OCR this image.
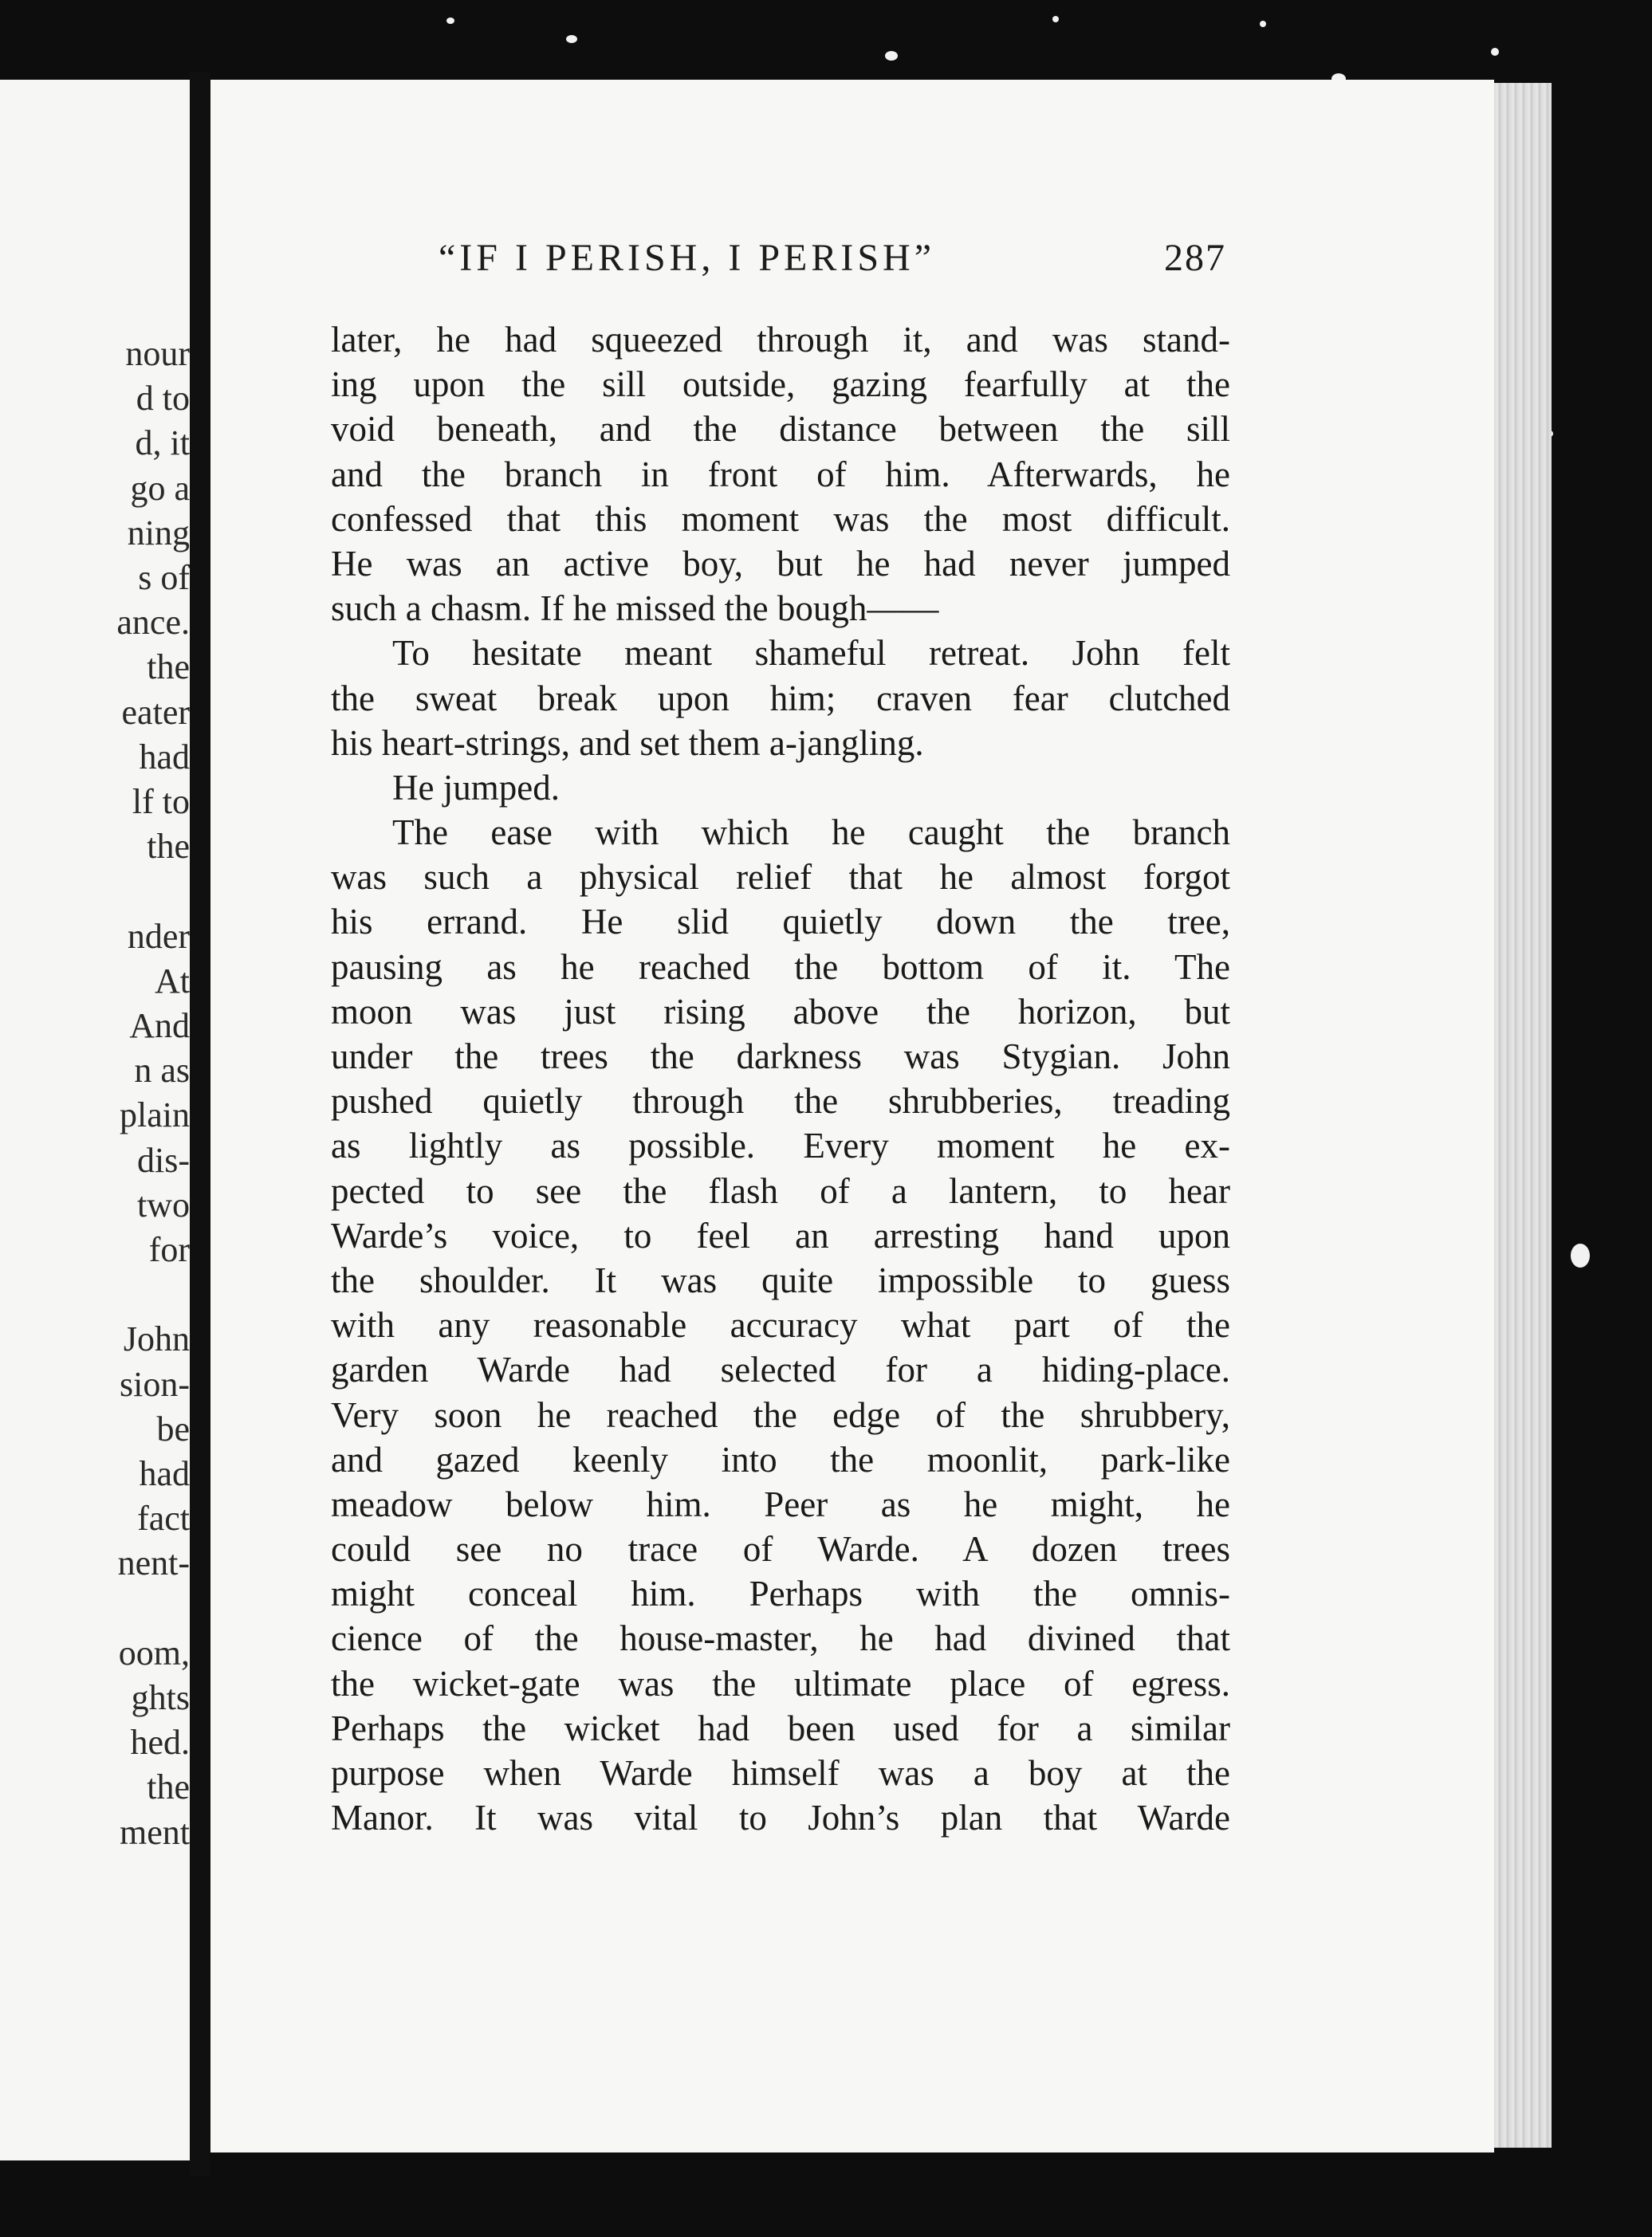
nour
d to
d, it
go a
ning
s of
ance.
the
eater
had
lf to
the
nder
At
And
n as
plain
dis-
two
for
John
sion-
be
had
fact
nent-
oom,
ghts
hed.
the
ment
“IF I PERISH, I PERISH”	287
later, he had squeezed through it, and was stand-
ing upon the sill outside, gazing fearfully at the
void beneath, and the distance between the sill
and the branch in front of him. Afterwards, he
confessed that this moment was the most difficult.
He was an active boy, but he had never jumped
such a chasm. If he missed the bough——
To hesitate meant shameful retreat. John felt
the sweat break upon him; craven fear clutched
his heart-strings, and set them a-jangling.
He jumped.
The ease with which he caught the branch
was such a physical relief that he almost forgot
his errand. He slid quietly down the tree,
pausing as he reached the bottom of it. The
moon was just rising above the horizon, but
under the trees the darkness was Stygian. John
pushed quietly through the shrubberies, treading
as lightly as possible. Every moment he ex-
pected to see the flash of a lantern, to hear
Warde’s voice, to feel an arresting hand upon
the shoulder. It was quite impossible to guess
with any reasonable accuracy what part of the
garden Warde had selected for a hiding-place.
Very soon he reached the edge of the shrubbery,
and gazed keenly into the moonlit, park-like
meadow below him. Peer as he might, he
could see no trace of Warde. A dozen trees
might conceal him. Perhaps with the omnis-
cience of the house-master, he had divined that
the wicket-gate was the ultimate place of egress.
Perhaps the wicket had been used for a similar
purpose when Warde himself was a boy at the
Manor. It was vital to John’s plan that Warde
